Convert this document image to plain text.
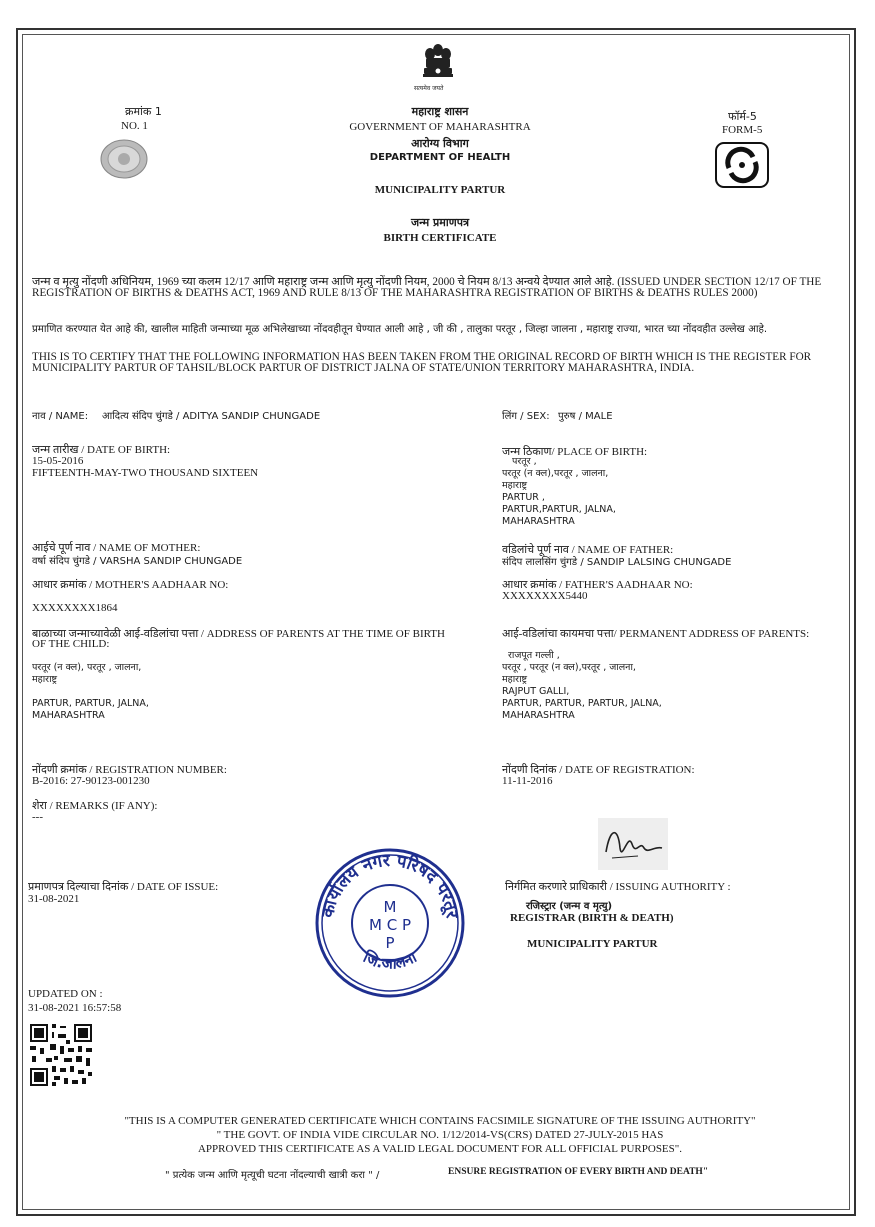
सत्यमेव जयते
क्रमांक 1
NO. 1
महाराष्ट्र शासन
GOVERNMENT OF MAHARASHTRA
आरोग्य विभाग
DEPARTMENT OF HEALTH
MUNICIPALITY PARTUR
जन्म प्रमाणपत्र
BIRTH CERTIFICATE
फॉर्म-5
FORM-5
जन्म व मृत्यु नोंदणी अधिनियम, 1969 च्या कलम 12/17 आणि महाराष्ट्र जन्म आणि मृत्यु नोंदणी नियम, 2000 चे नियम 8/13 अन्वये देण्यात आले आहे. (ISSUED UNDER SECTION 12/17 OF THE REGISTRATION OF BIRTHS & DEATHS ACT, 1969 AND RULE 8/13 OF THE MAHARASHTRA REGISTRATION OF BIRTHS & DEATHS RULES 2000)
प्रमाणित करण्यात येत आहे की, खालील माहिती जन्माच्या मूळ अभिलेखाच्या नोंदवहीतून घेण्यात आली आहे , जी की , तालुका परतूर , जिल्हा जालना , महाराष्ट्र राज्या, भारत च्या नोंदवहीत उल्लेख आहे.
THIS IS TO CERTIFY THAT THE FOLLOWING INFORMATION HAS BEEN TAKEN FROM THE ORIGINAL RECORD OF BIRTH WHICH IS THE REGISTER FOR MUNICIPALITY PARTUR OF TAHSIL/BLOCK PARTUR OF DISTRICT JALNA OF STATE/UNION TERRITORY MAHARASHTRA, INDIA.
नाव / NAME: आदित्य संदिप चुंगडे / ADITYA SANDIP CHUNGADE	लिंग / SEX: पुरुष / MALE
जन्म तारीख / DATE OF BIRTH:
15-05-2016
FIFTEENTH-MAY-TWO THOUSAND SIXTEEN
जन्म ठिकाण/ PLACE OF BIRTH:
परतूर ,
परतूर (न क्ल),परतूर , जालना,
महाराष्ट्र
PARTUR ,
PARTUR,PARTUR, JALNA,
MAHARASHTRA
आईचे पूर्ण नाव / NAME OF MOTHER:
वर्षा संदिप चुंगडे / VARSHA SANDIP CHUNGADE
वडिलांचे पूर्ण नाव / NAME OF FATHER:
संदिप लालसिंग चुंगडे / SANDIP LALSING CHUNGADE
आधार क्रमांक / MOTHER'S AADHAAR NO:
XXXXXXXX1864
आधार क्रमांक / FATHER'S AADHAAR NO:
XXXXXXXX5440
बाळाच्या जन्माच्यावेळी आई-वडिलांचा पत्ता / ADDRESS OF PARENTS AT THE TIME OF BIRTH
OF THE CHILD:
परतूर (न क्ल), परतूर , जालना,
महाराष्ट्र

PARTUR, PARTUR, JALNA,
MAHARASHTRA
आई-वडिलांचा कायमचा पत्ता/ PERMANENT ADDRESS OF PARENTS:
राजपूत गल्ली ,
परतूर , परतूर (न क्ल),परतूर , जालना,
महाराष्ट्र
RAJPUT GALLI,
PARTUR, PARTUR, PARTUR, JALNA,
MAHARASHTRA
नोंदणी क्रमांक / REGISTRATION NUMBER:
B-2016: 27-90123-001230
नोंदणी दिनांक / DATE OF REGISTRATION:
11-11-2016
शेरा / REMARKS (IF ANY):
---
प्रमाणपत्र दिल्याचा दिनांक / DATE OF ISSUE:
31-08-2021
निर्गमित करणारे प्राधिकारी / ISSUING AUTHORITY :
रजिस्ट्रार (जन्म व मृत्यु)
REGISTRAR (BIRTH & DEATH)
MUNICIPALITY PARTUR
कार्यालय नगर परिषद परतूर
जि.जालना
M
M C P
P
UPDATED ON :
31-08-2021 16:57:58
"THIS IS A COMPUTER GENERATED CERTIFICATE WHICH CONTAINS FACSIMILE SIGNATURE OF THE ISSUING AUTHORITY"
" THE GOVT. OF INDIA VIDE CIRCULAR NO. 1/12/2014-VS(CRS) DATED 27-JULY-2015 HAS
APPROVED THIS CERTIFICATE AS A VALID LEGAL DOCUMENT FOR ALL OFFICIAL PURPOSES".
" प्रत्येक जन्म आणि मृत्यूची घटना नोंदल्याची खात्री करा " /	ENSURE REGISTRATION OF EVERY BIRTH AND DEATH"
